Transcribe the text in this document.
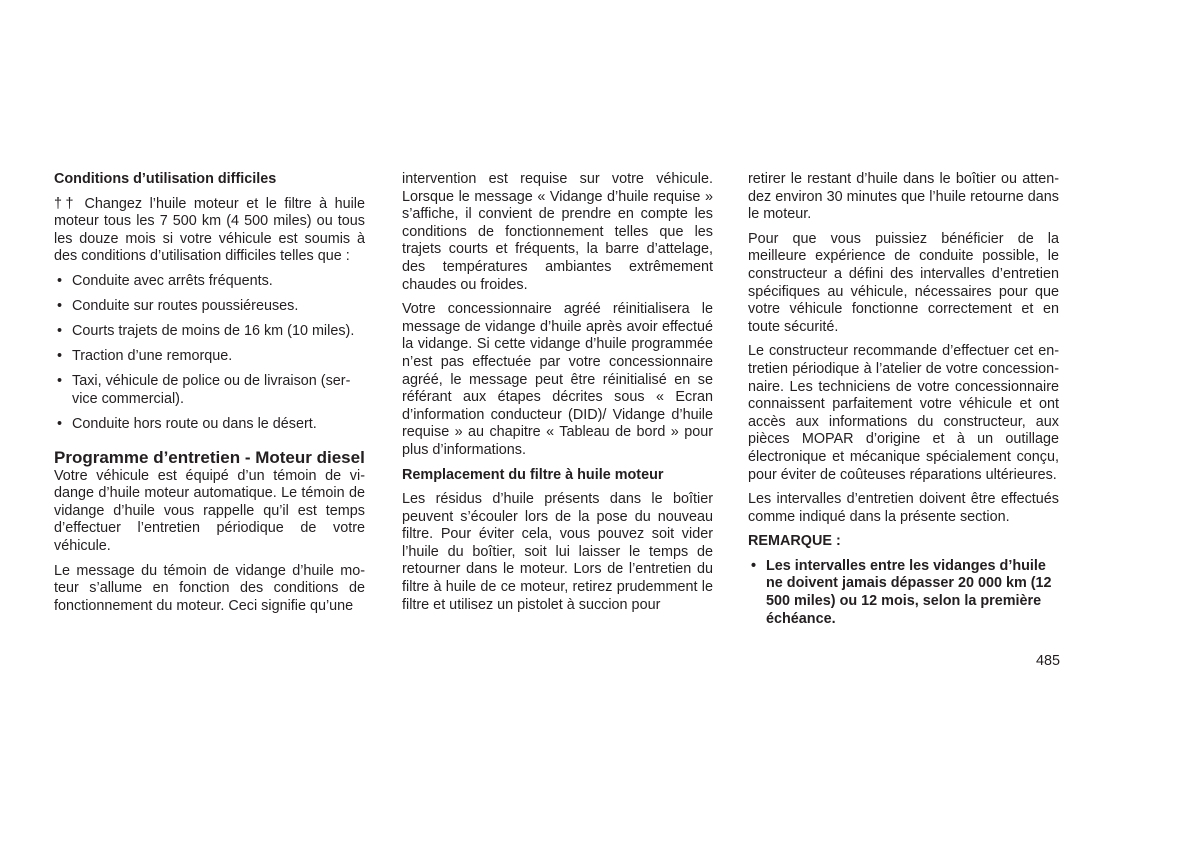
Conditions d’utilisation difficiles

†† Changez l’huile moteur et le filtre à huile moteur tous les 7 500 km (4 500 miles) ou tous les douze mois si votre véhicule est soumis à des conditions d’utilisation difficiles telles que :

• Conduite avec arrêts fréquents.
• Conduite sur routes poussiéreuses.
• Courts trajets de moins de 16 km (10 miles).
• Traction d’une remorque.
• Taxi, véhicule de police ou de livraison (service commercial).
• Conduite hors route ou dans le désert.
Programme d’entretien - Moteur diesel

Votre véhicule est équipé d’un témoin de vidange d’huile moteur automatique. Le témoin de vidange d’huile vous rappelle qu’il est temps d’effectuer l’entretien périodique de votre véhicule.

Le message du témoin de vidange d’huile moteur s’allume en fonction des conditions de fonctionnement du moteur. Ceci signifie qu’une

intervention est requise sur votre véhicule. Lorsque le message « Vidange d’huile requise » s’affiche, il convient de prendre en compte les conditions de fonctionnement telles que les trajets courts et fréquents, la barre d’attelage, des températures ambiantes extrêmement chaudes ou froides.

Votre concessionnaire agréé réinitialisera le message de vidange d’huile après avoir effectué la vidange. Si cette vidange d’huile programmée n’est pas effectuée par votre concessionnaire agréé, le message peut être réinitialisé en se référant aux étapes décrites sous « Ecran d’information conducteur (DID)/ Vidange d’huile requise » au chapitre « Tableau de bord » pour plus d’informations.

Remplacement du filtre à huile moteur

Les résidus d’huile présents dans le boîtier peuvent s’écouler lors de la pose du nouveau filtre. Pour éviter cela, vous pouvez soit vider l’huile du boîtier, soit lui laisser le temps de retourner dans le moteur. Lors de l’entretien du filtre à huile de ce moteur, retirez prudemment le filtre et utilisez un pistolet à succion pour

retirer le restant d’huile dans le boîtier ou attendez environ 30 minutes que l’huile retourne dans le moteur.

Pour que vous puissiez bénéficier de la meilleure expérience de conduite possible, le constructeur a défini des intervalles d’entretien spécifiques au véhicule, nécessaires pour que votre véhicule fonctionne correctement et en toute sécurité.

Le constructeur recommande d’effectuer cet entretien périodique à l’atelier de votre concessionnaire. Les techniciens de votre concessionnaire connaissent parfaitement votre véhicule et ont accès aux informations du constructeur, aux pièces MOPAR d’origine et à un outillage électronique et mécanique spécialement conçu, pour éviter de coûteuses réparations ultérieures.

Les intervalles d’entretien doivent être effectués comme indiqué dans la présente section.

REMARQUE :
• Les intervalles entre les vidanges d’huile ne doivent jamais dépasser 20 000 km (12 500 miles) ou 12 mois, selon la première échéance.
485
